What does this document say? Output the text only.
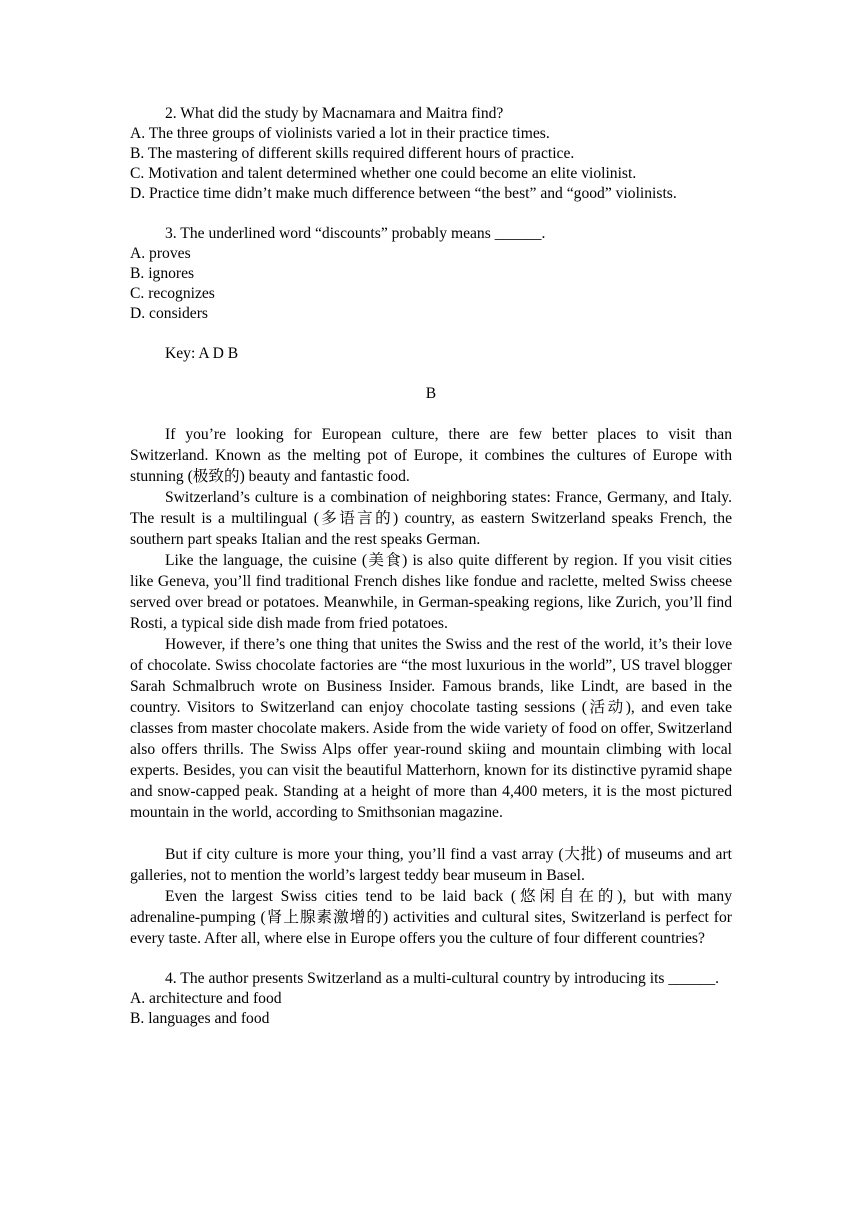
2. What did the study by Macnamara and Maitra find?

A. The three groups of violinists varied a lot in their practice times.

B. The mastering of different skills required different hours of practice.

C. Motivation and talent determined whether one could become an elite violinist.

D. Practice time didn’t make much difference between “the best” and “good” violinists.

3. The underlined word “discounts” probably means ______.

A. proves

B. ignores

C. recognizes

D. considers

Key: A D B

B

If you’re looking for European culture, there are few better places to visit than Switzerland. Known as the melting pot of Europe, it combines the cultures of Europe with stunning (极致的) beauty and fantastic food.

Switzerland’s culture is a combination of neighboring states: France, Germany, and Italy. The result is a multilingual (多语言的) country, as eastern Switzerland speaks French, the southern part speaks Italian and the rest speaks German.

Like the language, the cuisine (美食) is also quite different by region. If you visit cities like Geneva, you’ll find traditional French dishes like fondue and raclette, melted Swiss cheese served over bread or potatoes. Meanwhile, in German-speaking regions, like Zurich, you’ll find Rosti, a typical side dish made from fried potatoes.

However, if there’s one thing that unites the Swiss and the rest of the world, it’s their love of chocolate. Swiss chocolate factories are “the most luxurious in the world”, US travel blogger Sarah Schmalbruch wrote on Business Insider. Famous brands, like Lindt, are based in the country. Visitors to Switzerland can enjoy chocolate tasting sessions (活动), and even take classes from master chocolate makers. Aside from the wide variety of food on offer, Switzerland also offers thrills. The Swiss Alps offer year-round skiing and mountain climbing with local experts. Besides, you can visit the beautiful Matterhorn, known for its distinctive pyramid shape and snow-capped peak. Standing at a height of more than 4,400 meters, it is the most pictured mountain in the world, according to Smithsonian magazine.

But if city culture is more your thing, you’ll find a vast array (大批) of museums and art galleries, not to mention the world’s largest teddy bear museum in Basel.

Even the largest Swiss cities tend to be laid back (悠闲自在的), but with many adrenaline-pumping (肾上腺素激增的) activities and cultural sites, Switzerland is perfect for every taste. After all, where else in Europe offers you the culture of four different countries?

4. The author presents Switzerland as a multi-cultural country by introducing its ______.

A. architecture and food

B. languages and food
